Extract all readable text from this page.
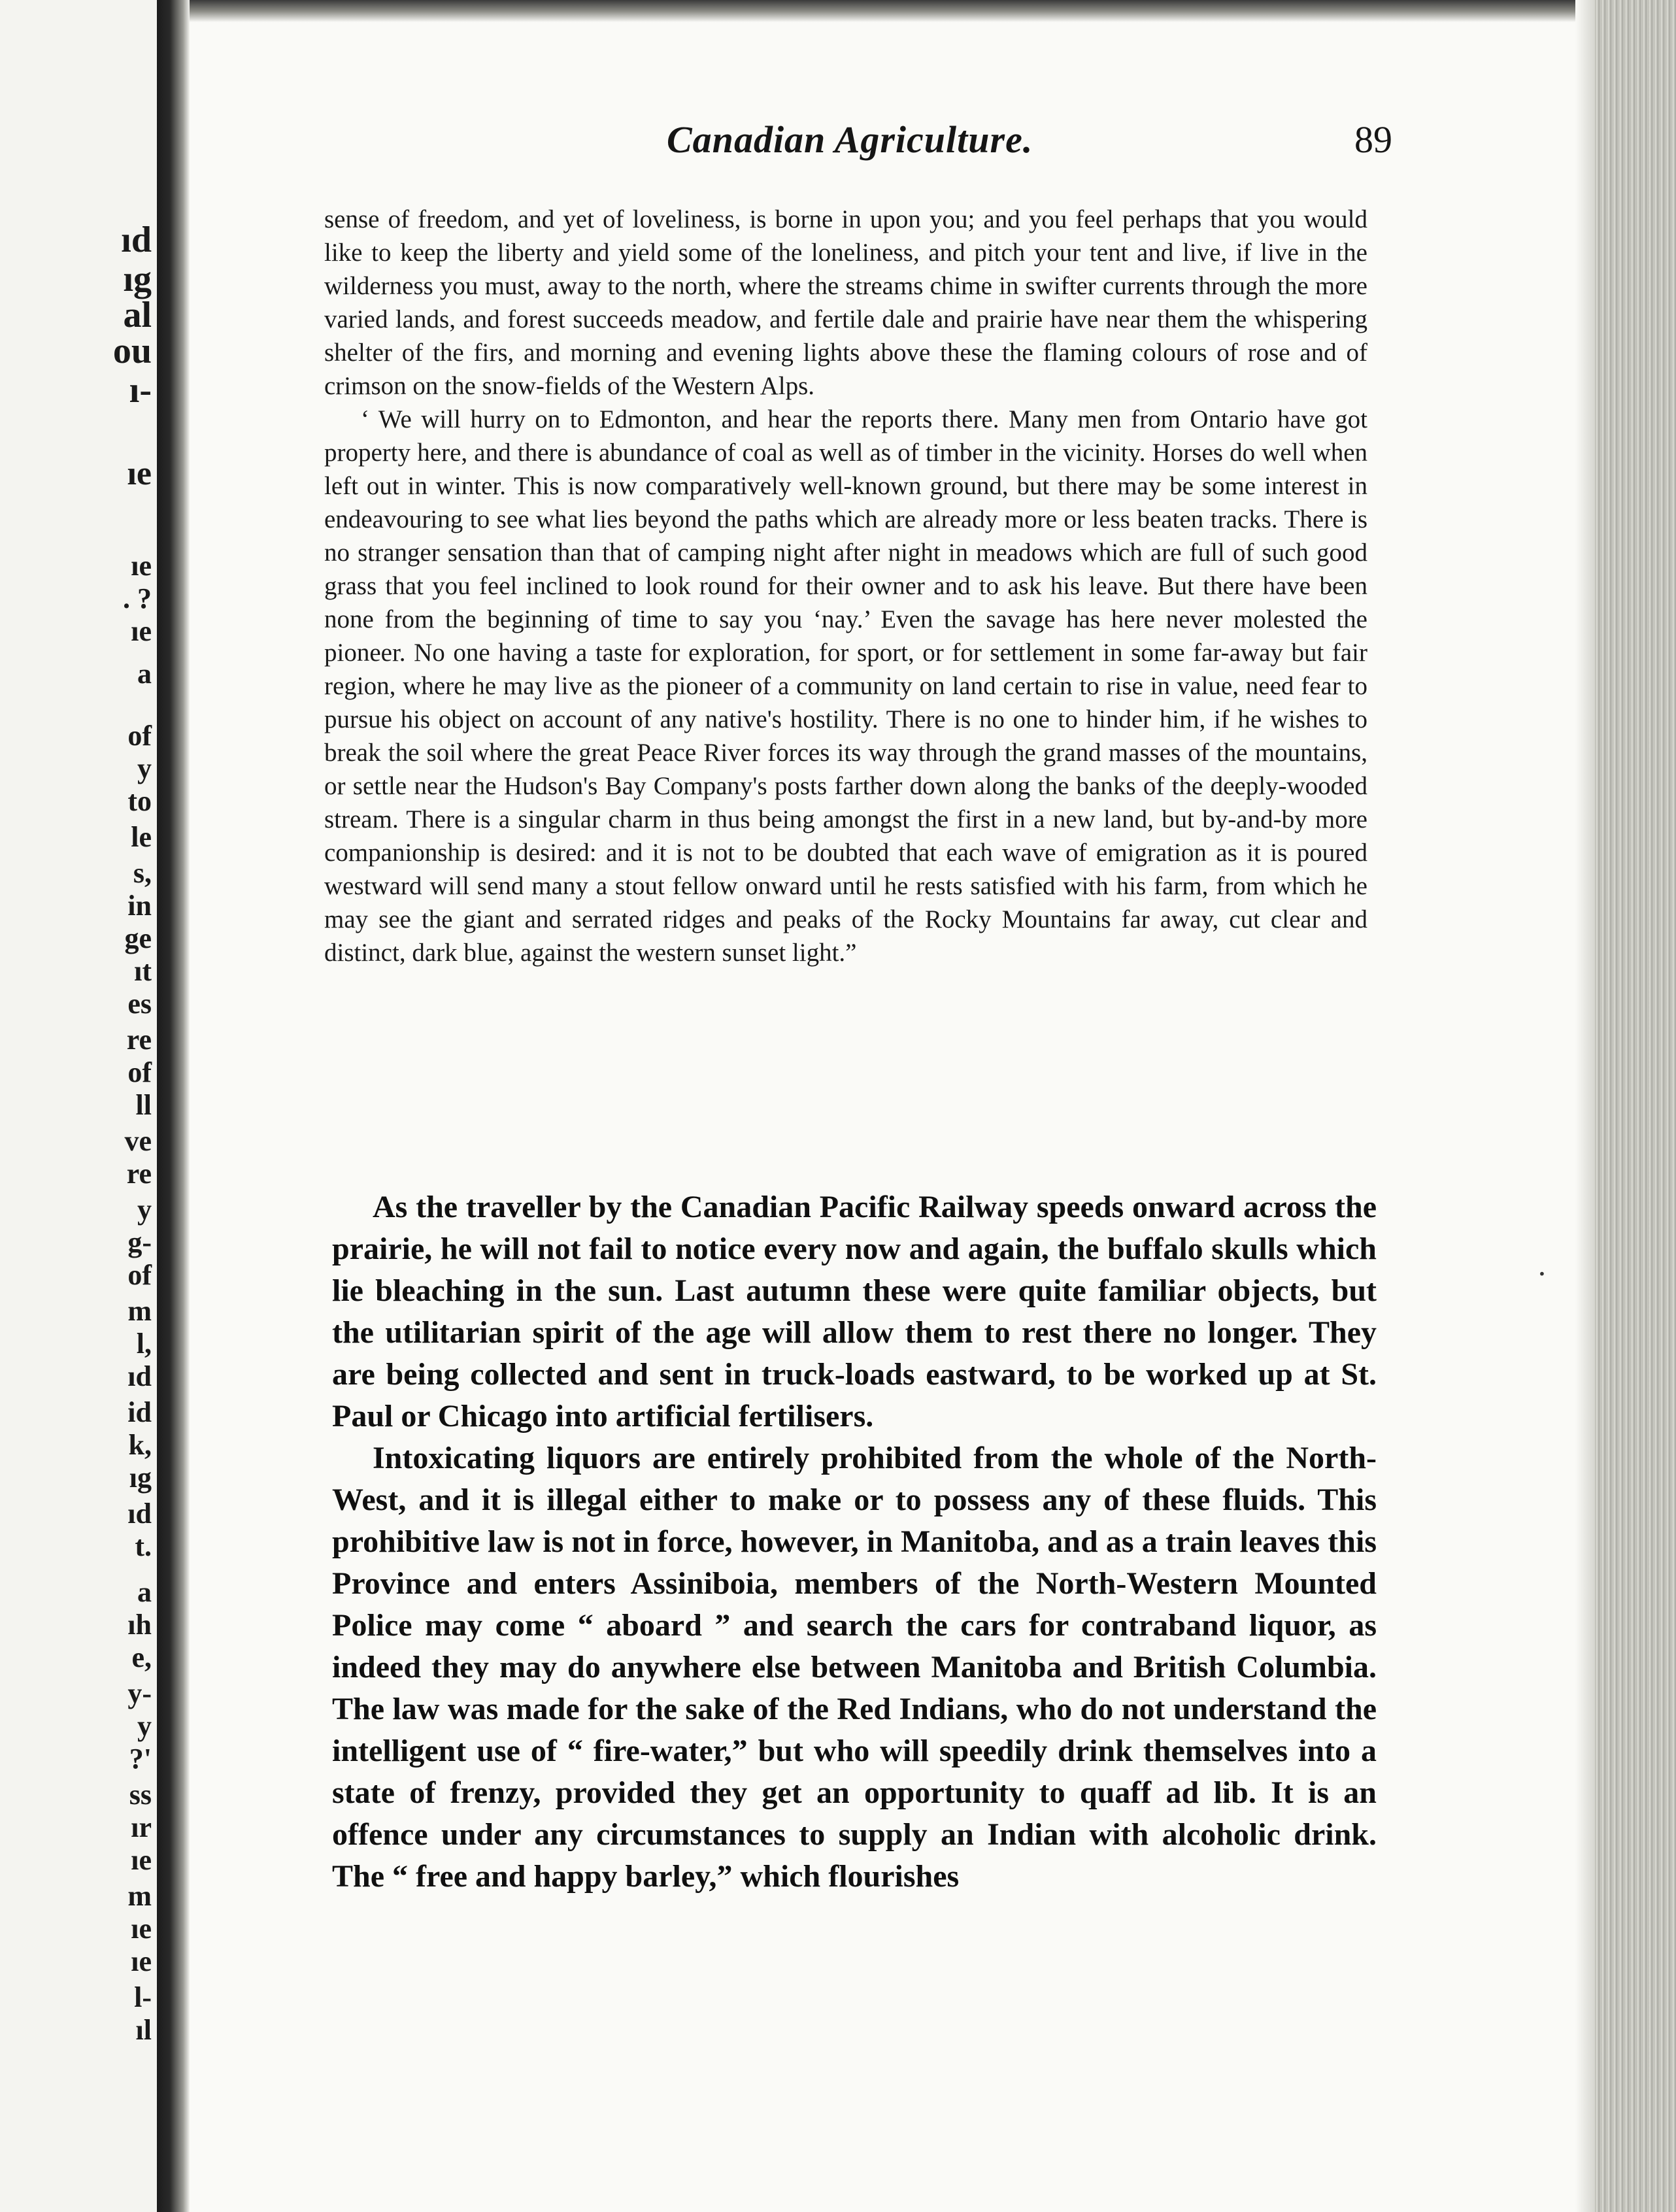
ıd
ıg
al
ou
ı-
ıe
ıe
. ?
ıe
a
of
y
to
le
s,
in
ge
ıt
es
re
of
ll
ve
re
y
g-
of
m
l,
ıd
id
k,
ıg
ıd
t.
a
ıh
e,
y-
y
?'
ss
ır
ıe
m
ıe
ıe
l-
ıl
·
Canadian Agriculture.	89

sense of freedom, and yet of loveliness, is borne in upon you; and you feel perhaps that you would like to keep the liberty and yield some of the loneliness, and pitch your tent and live, if live in the wilderness you must, away to the north, where the streams chime in swifter currents through the more varied lands, and forest succeeds meadow, and fertile dale and prairie have near them the whispering shelter of the firs, and morning and evening lights above these the flaming colours of rose and of crimson on the snow-fields of the Western Alps.

‘ We will hurry on to Edmonton, and hear the reports there. Many men from Ontario have got property here, and there is abundance of coal as well as of timber in the vicinity. Horses do well when left out in winter. This is now comparatively well-known ground, but there may be some interest in endeavouring to see what lies beyond the paths which are already more or less beaten tracks. There is no stranger sensation than that of camping night after night in meadows which are full of such good grass that you feel inclined to look round for their owner and to ask his leave. But there have been none from the beginning of time to say you ‘nay.’ Even the savage has here never molested the pioneer. No one having a taste for exploration, for sport, or for settlement in some far-away but fair region, where he may live as the pioneer of a community on land certain to rise in value, need fear to pursue his object on account of any native's hostility. There is no one to hinder him, if he wishes to break the soil where the great Peace River forces its way through the grand masses of the mountains, or settle near the Hudson's Bay Company's posts farther down along the banks of the deeply-wooded stream. There is a singular charm in thus being amongst the first in a new land, but by-and-by more companionship is desired: and it is not to be doubted that each wave of emigration as it is poured westward will send many a stout fellow onward until he rests satisfied with his farm, from which he may see the giant and serrated ridges and peaks of the Rocky Mountains far away, cut clear and distinct, dark blue, against the western sunset light.”

As the traveller by the Canadian Pacific Railway speeds onward across the prairie, he will not fail to notice every now and again, the buffalo skulls which lie bleaching in the sun. Last autumn these were quite familiar objects, but the utilitarian spirit of the age will allow them to rest there no longer. They are being collected and sent in truck-loads eastward, to be worked up at St. Paul or Chicago into artificial fertilisers.

Intoxicating liquors are entirely prohibited from the whole of the North-West, and it is illegal either to make or to possess any of these fluids. This prohibitive law is not in force, however, in Manitoba, and as a train leaves this Province and enters Assiniboia, members of the North-Western Mounted Police may come “ aboard ” and search the cars for contraband liquor, as indeed they may do anywhere else between Manitoba and British Columbia. The law was made for the sake of the Red Indians, who do not understand the intelligent use of “ fire-water,” but who will speedily drink themselves into a state of frenzy, provided they get an opportunity to quaff ad lib. It is an offence under any circumstances to supply an Indian with alcoholic drink. The “ free and happy barley,” which flourishes
